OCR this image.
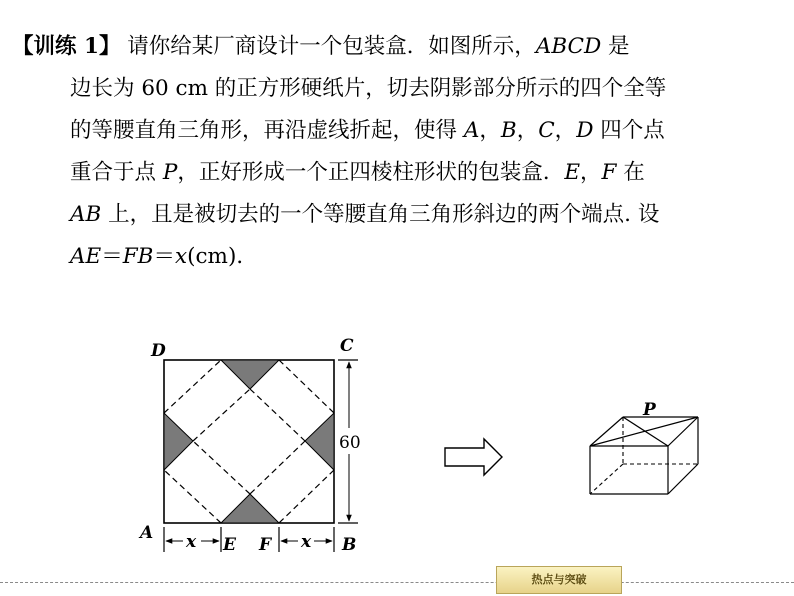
【训练 1】 请你给某厂商设计一个包装盒．如图所示，ABCD 是
边长为 60 cm 的正方形硬纸片，切去阴影部分所示的四个全等
的等腰直角三角形，再沿虚线折起，使得 A，B，C，D 四个点
重合于点 P，正好形成一个正四棱柱形状的包装盒．E，F 在
AB 上，且是被切去的一个等腰直角三角形斜边的两个端点. 设
AE＝FB＝x(cm)．
D	C
A
B
E F
x	x
60
P
热点与突破
